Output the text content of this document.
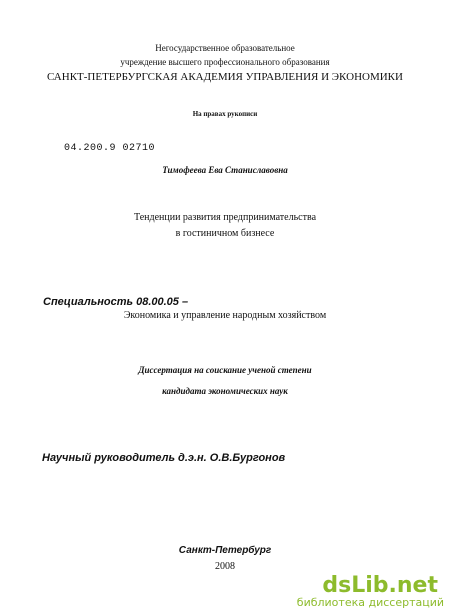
Негосударственное образовательное
учреждение высшего профессионального образования
САНКТ-ПЕТЕРБУРГСКАЯ АКАДЕМИЯ УПРАВЛЕНИЯ И ЭКОНОМИКИ
На правах рукописи
04.200.9 02710
Тимофеева Ева Станиславовна
Тенденции развития предпринимательства
в гостиничном бизнесе
Специальность 08.00.05 –
Экономика и управление народным хозяйством
Диссертация на соискание ученой степени
кандидата экономических наук
Научный руководитель д.э.н. О.В.Бургонов
Санкт-Петербург
2008
dsLib.net
библиотека диссертаций
